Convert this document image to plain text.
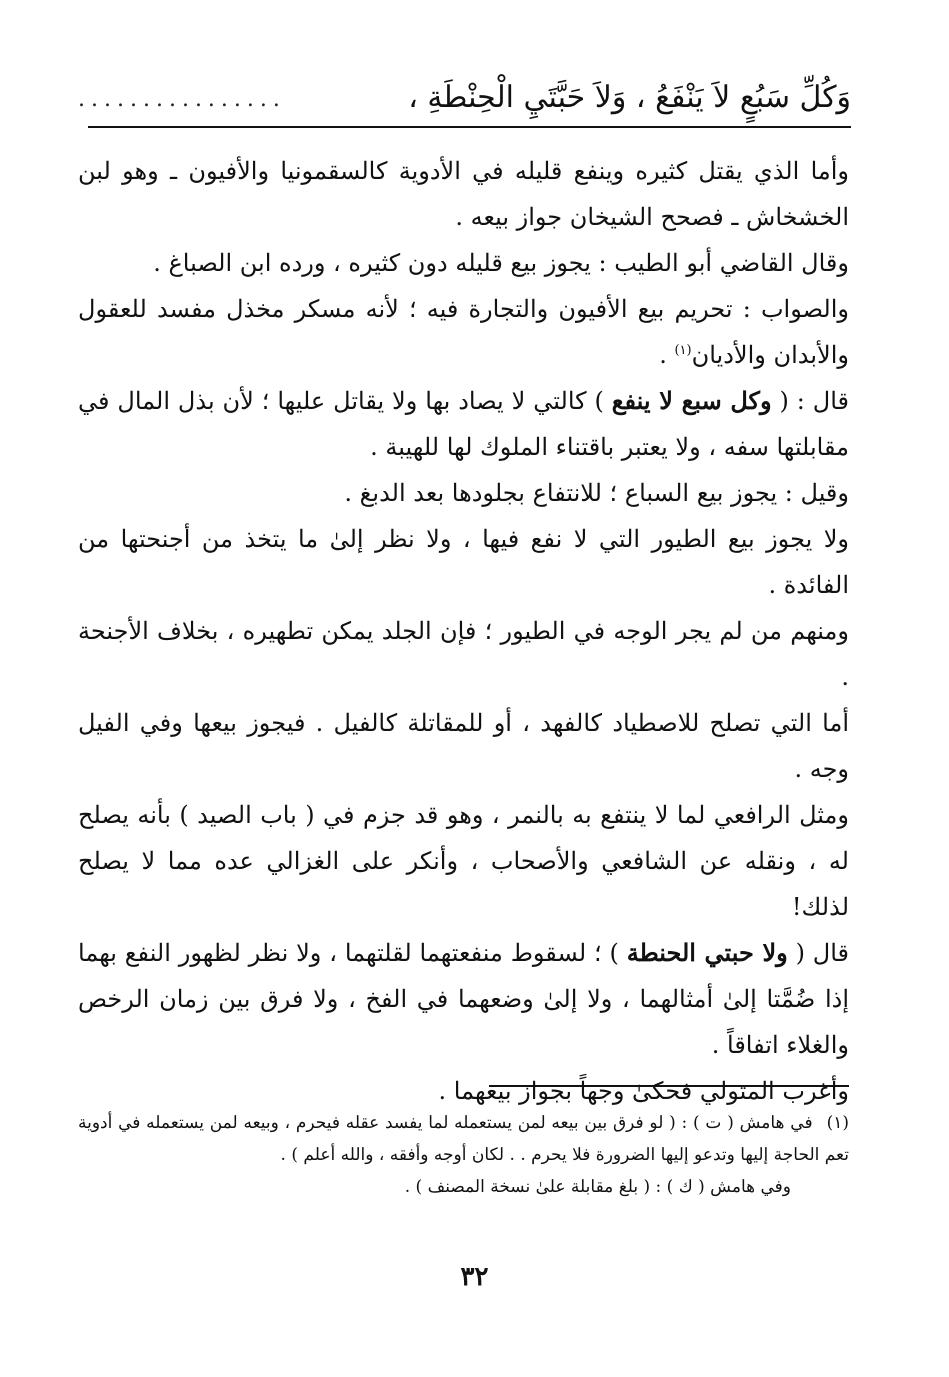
وَكُلِّ سَبُعٍ لاَ يَنْفَعُ ، وَلاَ حَبَّتَيِ الْحِنْطَةِ ،
................

وأما الذي يقتل كثيره وينفع قليله في الأدوية كالسقمونيا والأفيون ـ وهو لبن الخشخاش ـ فصحح الشيخان جواز بيعه .

وقال القاضي أبو الطيب : يجوز بيع قليله دون كثيره ، ورده ابن الصباغ .

والصواب : تحريم بيع الأفيون والتجارة فيه ؛ لأنه مسكر مخذل مفسد للعقول والأبدان والأديان$^{(١)}$ .

قال : ( وكل سبع لا ينفع ) كالتي لا يصاد بها ولا يقاتل عليها ؛ لأن بذل المال في مقابلتها سفه ، ولا يعتبر باقتناء الملوك لها للهيبة .

وقيل : يجوز بيع السباع ؛ للانتفاع بجلودها بعد الدبغ .

ولا يجوز بيع الطيور التي لا نفع فيها ، ولا نظر إلىٰ ما يتخذ من أجنحتها من الفائدة .

ومنهم من لم يجر الوجه في الطيور ؛ فإن الجلد يمكن تطهيره ، بخلاف الأجنحة .

أما التي تصلح للاصطياد كالفهد ، أو للمقاتلة كالفيل . فيجوز بيعها وفي الفيل وجه .

ومثل الرافعي لما لا ينتفع به بالنمر ، وهو قد جزم في ( باب الصيد ) بأنه يصلح له ، ونقله عن الشافعي والأصحاب ، وأنكر على الغزالي عده مما لا يصلح لذلك!

قال ( ولا حبتي الحنطة ) ؛ لسقوط منفعتهما لقلتهما ، ولا نظر لظهور النفع بهما إذا ضُمَّتا إلىٰ أمثالهما ، ولا إلىٰ وضعهما في الفخ ، ولا فرق بين زمان الرخص والغلاء اتفاقاً .

وأغرب المتولي فحكىٰ وجهاً بجواز بيعهما .

(١)في هامش ( ت ) : ( لو فرق بين بيعه لمن يستعمله لما يفسد عقله فيحرم ، وبيعه لمن يستعمله في أدوية تعم الحاجة إليها وتدعو إليها الضرورة فلا يحرم . . لكان أوجه وأفقه ، والله أعلم ) .

وفي هامش ( ك ) : ( بلغ مقابلة علىٰ نسخة المصنف ) .

٣٢
